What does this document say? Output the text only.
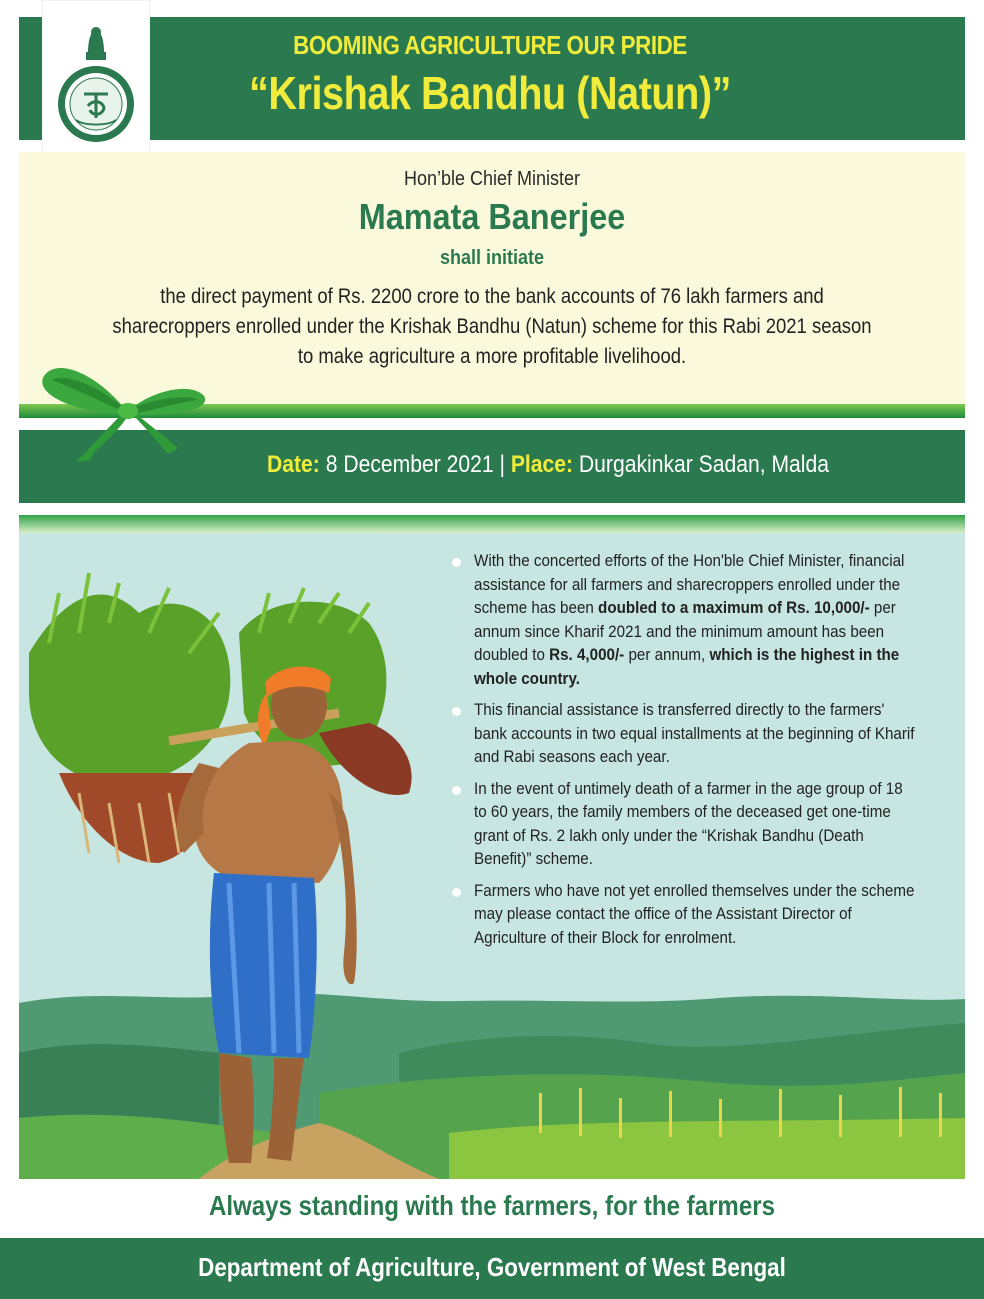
BOOMING AGRICULTURE OUR PRIDE
“Krishak Bandhu (Natun)”
Hon’ble Chief Minister
Mamata Banerjee
shall initiate
the direct payment of Rs. 2200 crore to the bank accounts of 76 lakh farmers and sharecroppers enrolled under the Krishak Bandhu (Natun) scheme for this Rabi 2021 season to make agriculture a more profitable livelihood.
Date: 8 December 2021 | Place: Durgakinkar Sadan, Malda
With the concerted efforts of the Hon'ble Chief Minister, financial assistance for all farmers and sharecroppers enrolled under the scheme has been doubled to a maximum of Rs. 10,000/- per annum since Kharif 2021 and the minimum amount has been doubled to Rs. 4,000/- per annum, which is the highest in the whole country.
This financial assistance is transferred directly to the farmers' bank accounts in two equal installments at the beginning of Kharif and Rabi seasons each year.
In the event of untimely death of a farmer in the age group of 18 to 60 years, the family members of the deceased get one-time grant of Rs. 2 lakh only under the “Krishak Bandhu (Death Benefit)” scheme.
Farmers who have not yet enrolled themselves under the scheme may please contact the office of the Assistant Director of Agriculture of their Block for enrolment.
Always standing with the farmers, for the farmers
Department of Agriculture, Government of West Bengal
